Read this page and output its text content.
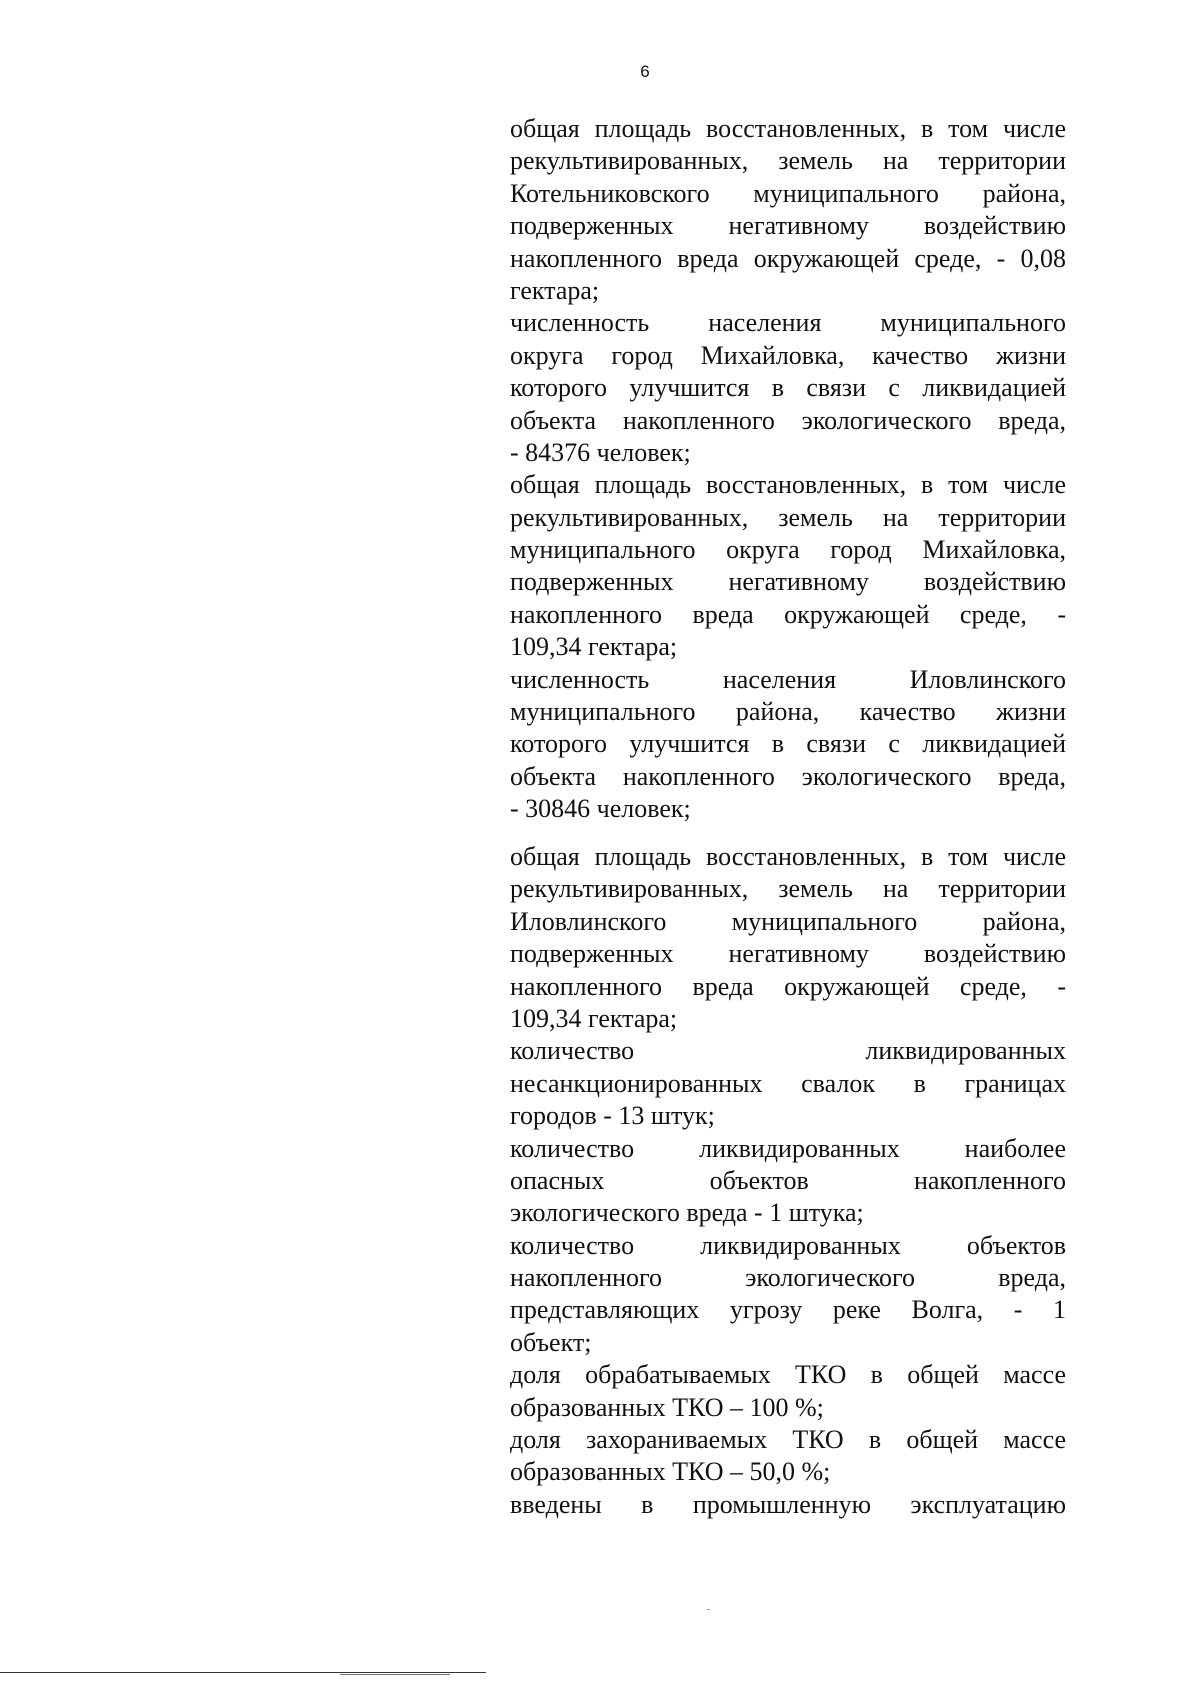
6
общая площадь восстановленных, в том числе
рекультивированных, земель на территории
Котельниковского муниципального района,
подверженных негативному воздействию
накопленного вреда окружающей среде, - 0,08
гектара;
численность населения муниципального
округа город Михайловка, качество жизни
которого улучшится в связи с ликвидацией
объекта накопленного экологического вреда,
- 84376 человек;
общая площадь восстановленных, в том числе
рекультивированных, земель на территории
муниципального округа город Михайловка,
подверженных негативному воздействию
накопленного вреда окружающей среде, -
109,34 гектара;
численность населения Иловлинского
муниципального района, качество жизни
которого улучшится в связи с ликвидацией
объекта накопленного экологического вреда,
- 30846 человек;
общая площадь восстановленных, в том числе
рекультивированных, земель на территории
Иловлинского муниципального района,
подверженных негативному воздействию
накопленного вреда окружающей среде, -
109,34 гектара;
количество ликвидированных
несанкционированных свалок в границах
городов - 13 штук;
количество ликвидированных наиболее
опасных объектов накопленного
экологического вреда - 1 штука;
количество ликвидированных объектов
накопленного экологического вреда,
представляющих угрозу реке Волга, - 1
объект;
доля обрабатываемых ТКО в общей массе
образованных ТКО – 100 %;
доля захораниваемых ТКО в общей массе
образованных ТКО – 50,0 %;
введены в промышленную эксплуатацию
